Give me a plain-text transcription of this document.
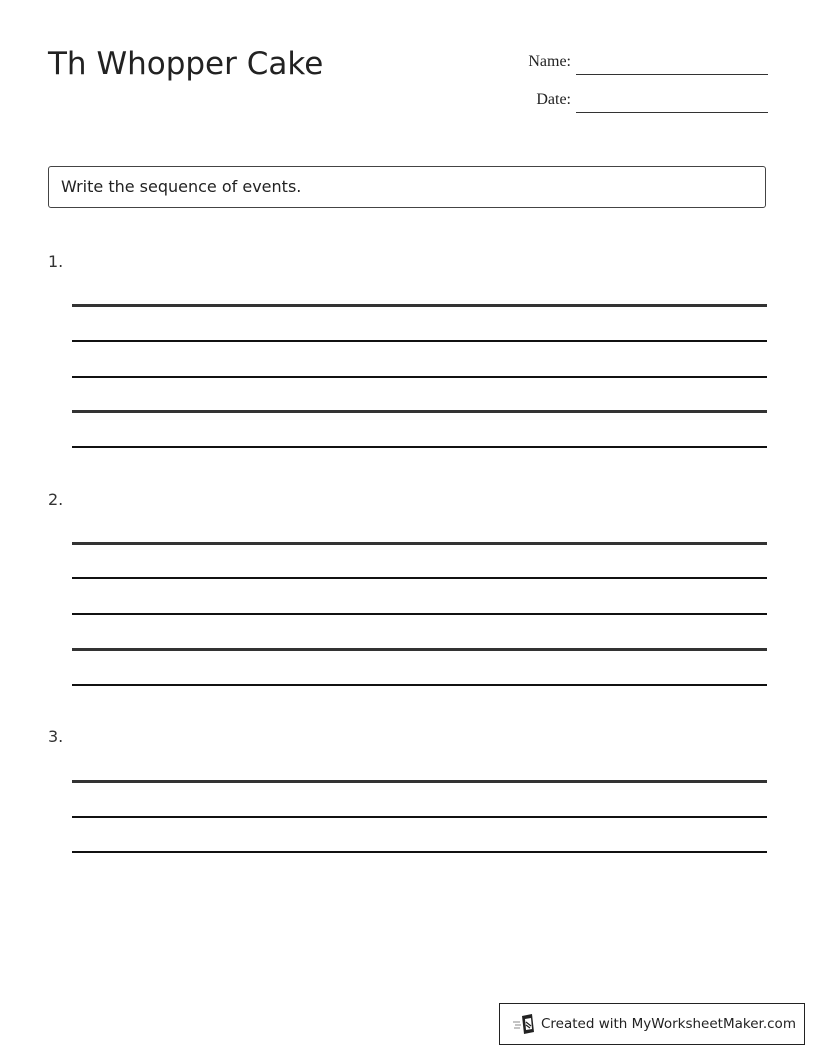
Th Whopper Cake	Name:
Date:
Write the sequence of events.
1.
2.
3.
Created with MyWorksheetMaker.com
